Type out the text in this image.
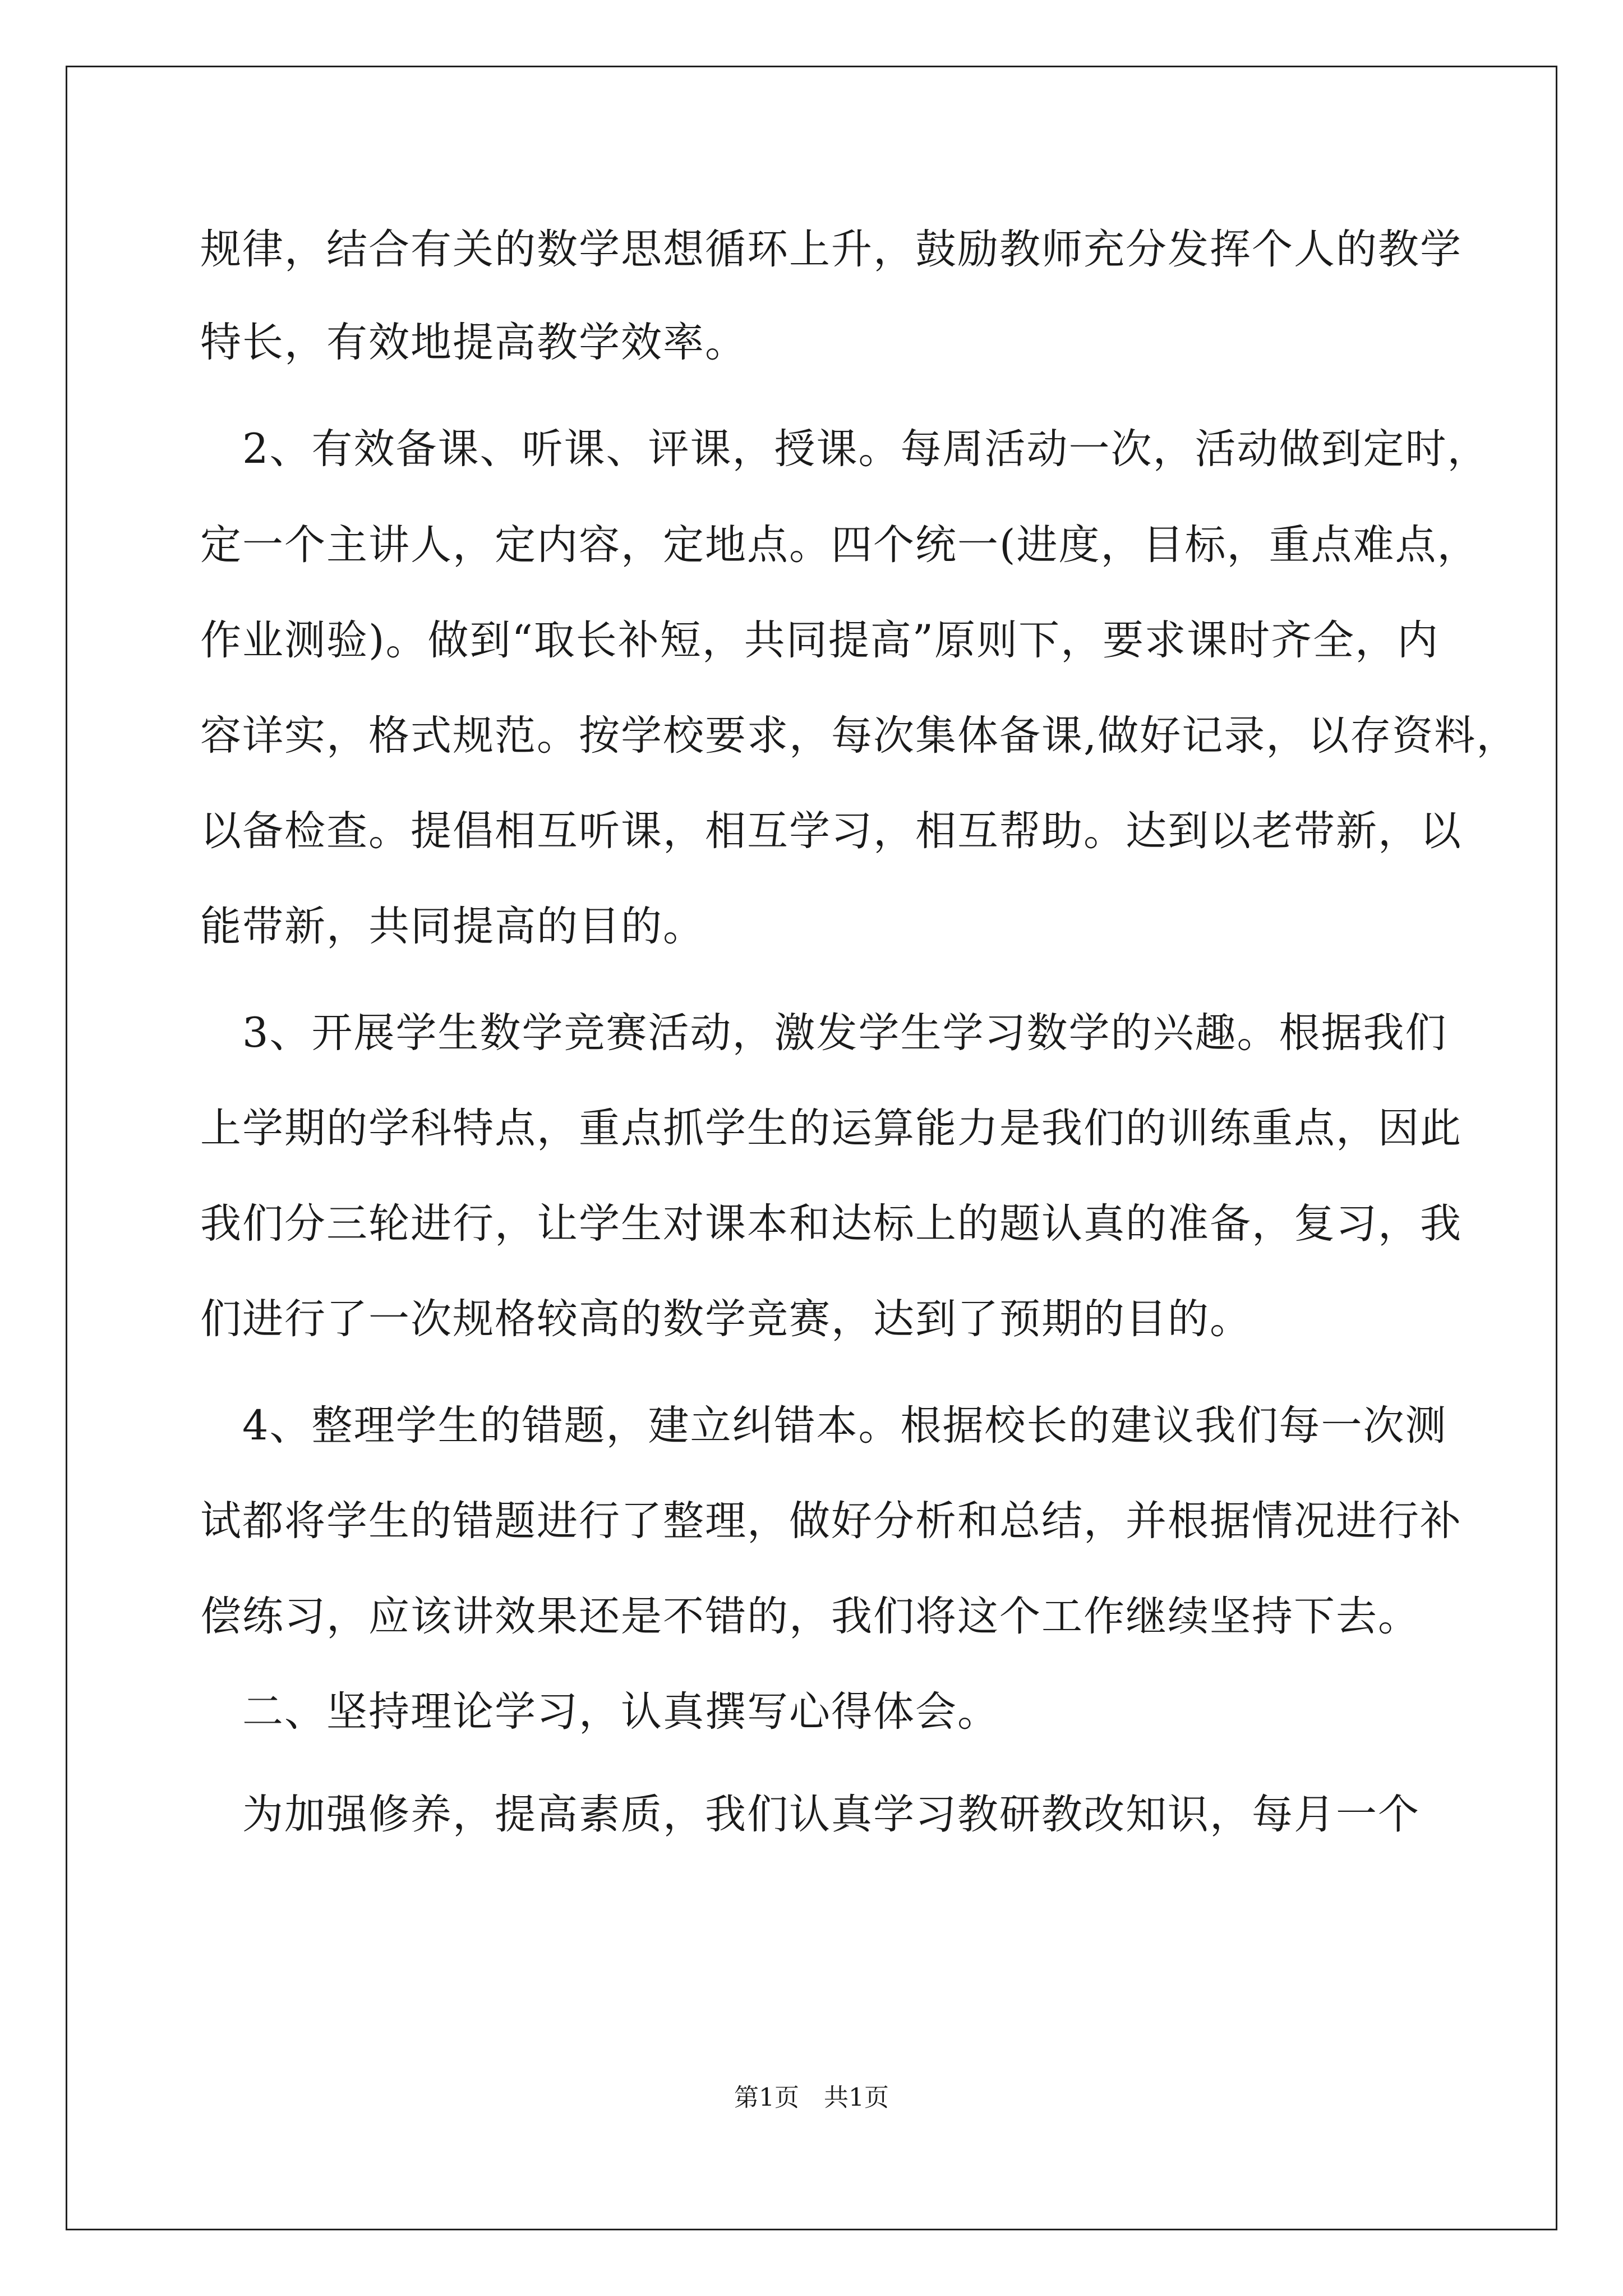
规律，结合有关的数学思想循环上升，鼓励教师充分发挥个人的教学
特长，有效地提高教学效率。
　2、有效备课、听课、评课，授课。每周活动一次，活动做到定时，
定一个主讲人，定内容，定地点。四个统一(进度，目标，重点难点，
作业测验)。做到“取长补短，共同提高”原则下，要求课时齐全，内
容详实，格式规范。按学校要求，每次集体备课,做好记录，以存资料，
以备检查。提倡相互听课，相互学习，相互帮助。达到以老带新，以
能带新，共同提高的目的。
　3、开展学生数学竞赛活动，激发学生学习数学的兴趣。根据我们
上学期的学科特点，重点抓学生的运算能力是我们的训练重点，因此
我们分三轮进行，让学生对课本和达标上的题认真的准备，复习，我
们进行了一次规格较高的数学竞赛，达到了预期的目的。
　4、整理学生的错题，建立纠错本。根据校长的建议我们每一次测
试都将学生的错题进行了整理，做好分析和总结，并根据情况进行补
偿练习，应该讲效果还是不错的，我们将这个工作继续坚持下去。
　二、坚持理论学习，认真撰写心得体会。
　为加强修养，提高素质，我们认真学习教研教改知识，每月一个
第1页　共1页
